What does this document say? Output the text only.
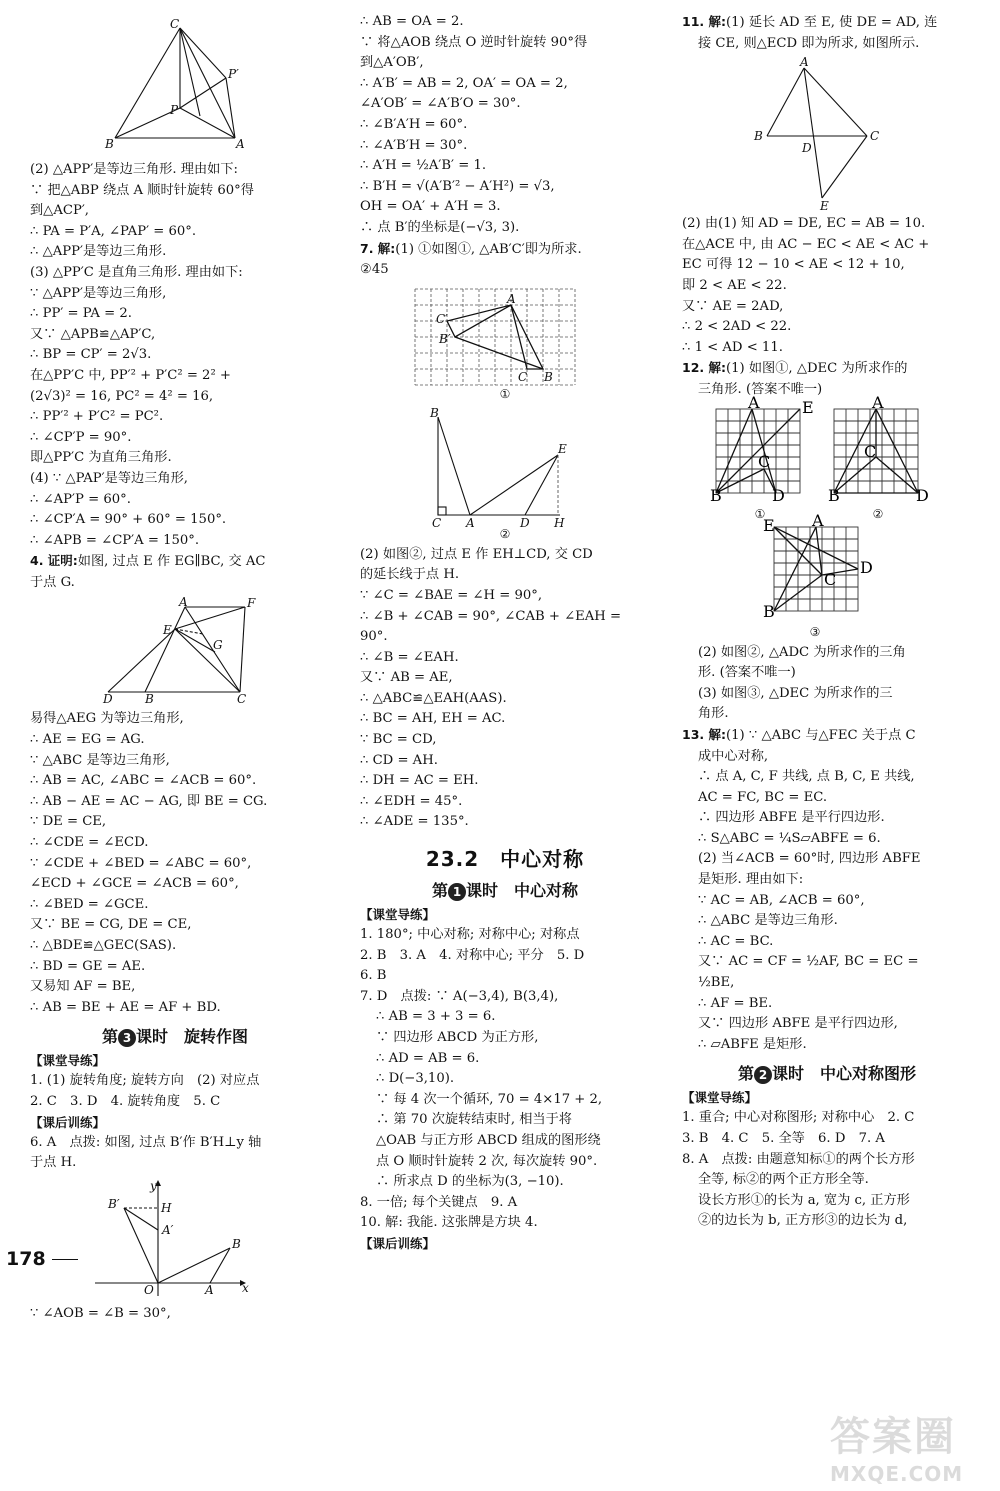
C
B	A
P
P′
(2) △APP′是等边三角形. 理由如下:
∵ 把△ABP 绕点 A 顺时针旋转 60°得
到△ACP′,
∴ PA = P′A, ∠PAP′ = 60°.
∴ △APP′是等边三角形.
(3) △PP′C 是直角三角形. 理由如下:
∵ △APP′是等边三角形,
∴ PP′ = PA = 2.
又∵ △APB≌△AP′C,
∴ BP = CP′ = 2√3.
在△PP′C 中, PP′² + P′C² = 2² +
(2√3)² = 16, PC² = 4² = 16,
∴ PP′² + P′C² = PC².
∴ ∠CP′P = 90°.
即△PP′C 为直角三角形.
(4) ∵ △PAP′是等边三角形,
∴ ∠AP′P = 60°.
∴ ∠CP′A = 90° + 60° = 150°.
∴ ∠APB = ∠CP′A = 150°.
4. 证明:如图, 过点 E 作 EG∥BC, 交 AC
于点 G.
A	F
E
G
D	B	C
易得△AEG 为等边三角形,
∴ AE = EG = AG.
∵ △ABC 是等边三角形,
∴ AB = AC, ∠ABC = ∠ACB = 60°.
∴ AB − AE = AC − AG, 即 BE = CG.
∵ DE = CE,
∴ ∠CDE = ∠ECD.
∵ ∠CDE + ∠BED = ∠ABC = 60°,
∠ECD + ∠GCE = ∠ACB = 60°,
∴ ∠BED = ∠GCE.
又∵ BE = CG, DE = CE,
∴ △BDE≌△GEC(SAS).
∴ BD = GE = AE.
又易知 AF = BE,
∴ AB = BE + AE = AF + BD.
第 3 课时　旋转作图
【课堂导练】
1. (1) 旋转角度; 旋转方向　(2) 对应点
2. C　3. D　4. 旋转角度　5. C
【课后训练】
6. A　点拨: 如图, 过点 B′作 B′H⊥y 轴
于点 H.
y
x
B′	H
A′
O	A
B
∵ ∠AOB = ∠B = 30°,
178
∴ AB = OA = 2.
∵ 将△AOB 绕点 O 逆时针旋转 90°得
到△A′OB′,
∴ A′B′ = AB = 2, OA′ = OA = 2,
∠A′OB′ = ∠A′B′O = 30°.
∴ ∠B′A′H = 60°.
∴ ∠A′B′H = 30°.
∴ A′H = ½A′B′ = 1.
∴ B′H = √(A′B′² − A′H²) = √3,
OH = OA′ + A′H = 3.
∴ 点 B′的坐标是(−√3, 3).
7. 解:(1) ①如图①, △AB′C′即为所求.
②45
A
C′
B′
C B
①
B
E
C A	D H
②
(2) 如图②, 过点 E 作 EH⊥CD, 交 CD
的延长线于点 H.
∵ ∠C = ∠BAE = ∠H = 90°,
∴ ∠B + ∠CAB = 90°, ∠CAB + ∠EAH =
90°.
∴ ∠B = ∠EAH.
又∵ AB = AE,
∴ △ABC≌△EAH(AAS).
∴ BC = AH, EH = AC.
∵ BC = CD,
∴ CD = AH.
∴ DH = AC = EH.
∴ ∠EDH = 45°.
∴ ∠ADE = 135°.
23.2　中心对称
第 1 课时　中心对称
【课堂导练】
1. 180°; 中心对称; 对称中心; 对称点
2. B　3. A　4. 对称中心; 平分　5. D
6. B
7. D　点拨: ∵ A(−3,4), B(3,4),
∴ AB = 3 + 3 = 6.
∵ 四边形 ABCD 为正方形,
∴ AD = AB = 6.
∴ D(−3,10).
∵ 每 4 次一个循环, 70 = 4×17 + 2,
∴ 第 70 次旋转结束时, 相当于将
△OAB 与正方形 ABCD 组成的图形绕
点 O 顺时针旋转 2 次, 每次旋转 90°.
∴ 所求点 D 的坐标为(3, −10).
8. 一倍; 每个关键点　9. A
10. 解: 我能. 这张牌是方块 4.
【课后训练】
11. 解:(1) 延长 AD 至 E, 使 DE = AD, 连
接 CE, 则△ECD 即为所求, 如图所示.
A
B	C
D
E
(2) 由(1) 知 AD = DE, EC = AB = 10.
在△ACE 中, 由 AC − EC < AE < AC +
EC 可得 12 − 10 < AE < 12 + 10,
即 2 < AE < 22.
又∵ AE = 2AD,
∴ 2 < 2AD < 22.
∴ 1 < AD < 11.
12. 解:(1) 如图①, △DEC 为所求作的
三角形. (答案不唯一)
A	E
C
B	D
①
A
C
B	D
②
E A
C
D
B
③
(2) 如图②, △ADC 为所求作的三角
形. (答案不唯一)
(3) 如图③, △DEC 为所求作的三
角形.
13. 解:(1) ∵ △ABC 与△FEC 关于点 C
成中心对称,
∴ 点 A, C, F 共线, 点 B, C, E 共线,
AC = FC, BC = EC.
∴ 四边形 ABFE 是平行四边形.
∴ S△ABC = ¼S▱ABFE = 6.
(2) 当∠ACB = 60°时, 四边形 ABFE
是矩形. 理由如下:
∵ AC = AB, ∠ACB = 60°,
∴ △ABC 是等边三角形.
∴ AC = BC.
又∵ AC = CF = ½AF, BC = EC =
½BE,
∴ AF = BE.
又∵ 四边形 ABFE 是平行四边形,
∴ ▱ABFE 是矩形.
第 2 课时　中心对称图形
【课堂导练】
1. 重合; 中心对称图形; 对称中心　2. C
3. B　4. C　5. 全等　6. D　7. A
8. A　点拨: 由题意知标①的两个长方形
全等, 标②的两个正方形全等.
设长方形①的长为 a, 宽为 c, 正方形
②的边长为 b, 正方形③的边长为 d,
答案圈
MXQE.COM
